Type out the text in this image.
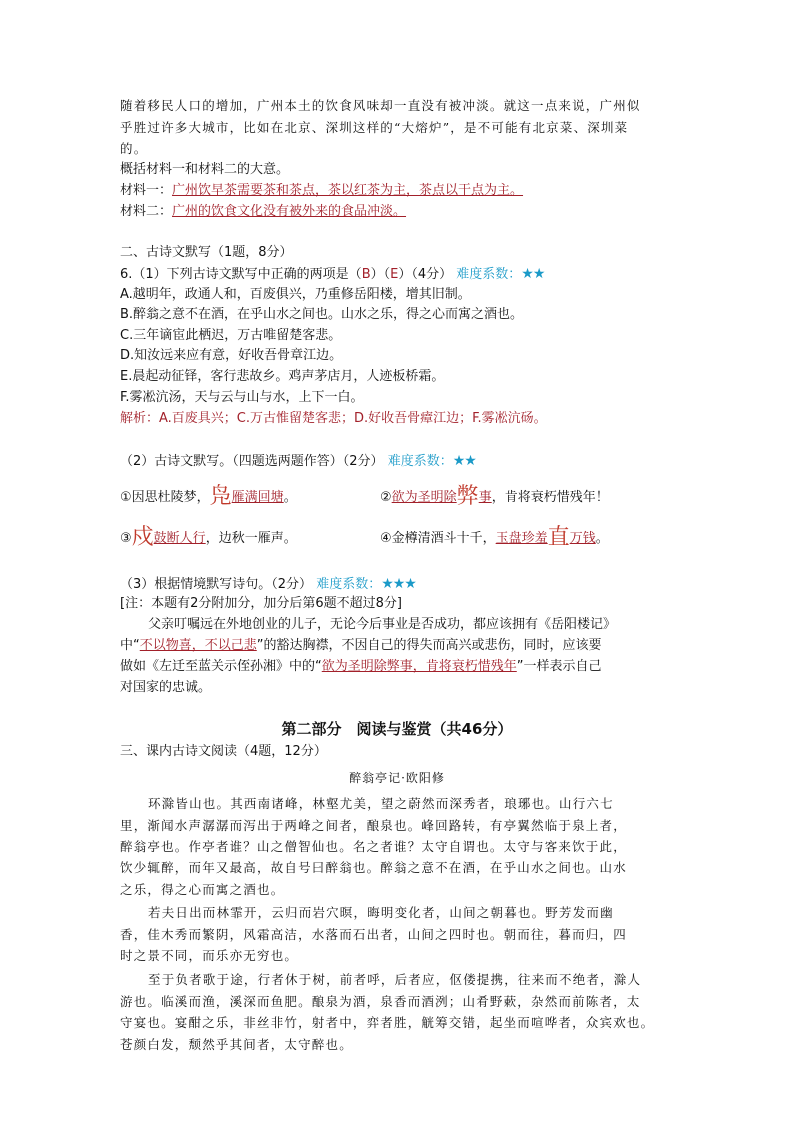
随着移民人口的增加，广州本土的饮食风味却一直没有被冲淡。就这一点来说，广州似
乎胜过许多大城市，比如在北京、深圳这样的“大熔炉”，是不可能有北京菜、深圳菜
的。
概括材料一和材料二的大意。
材料一：广州饮早茶需要茶和茶点，茶以红茶为主，茶点以干点为主。
材料二：广州的饮食文化没有被外来的食品冲淡。
二、古诗文默写（1题，8分）
6.（1）下列古诗文默写中正确的两项是（B）（E）（4分） 难度系数：★★
A.越明年，政通人和，百废俱兴，乃重修岳阳楼，增其旧制。
B.醉翁之意不在酒，在乎山水之间也。山水之乐，得之心而寓之酒也。
C.三年谪宦此栖迟，万古唯留楚客悲。
D.知汝远来应有意，好收吾骨章江边。
E.晨起动征铎，客行悲故乡。鸡声茅店月，人迹板桥霜。
F.雾凇沆汤，天与云与山与水，上下一白。
解析：A.百废具兴；C.万古惟留楚客悲；D.好收吾骨瘴江边；F.雾凇沆砀。
（2）古诗文默写。（四题选两题作答）（2分） 难度系数：★★
①因思杜陵梦，凫雁满回塘。	②欲为圣明除弊事，肯将衰朽惜残年！
③戍鼓断人行，边秋一雁声。	④金樽清酒斗十千，玉盘珍羞直万钱。
（3）根据情境默写诗句。（2分） 难度系数：★★★
[注：本题有2分附加分，加分后第6题不超过8分]
父亲叮嘱远在外地创业的儿子，无论今后事业是否成功，都应该拥有《岳阳楼记》
中“不以物喜，不以己悲”的豁达胸襟，不因自己的得失而高兴或悲伤，同时，应该要
做如《左迁至蓝关示侄孙湘》中的“欲为圣明除弊事，肯将衰朽惜残年”一样表示自己
对国家的忠诚。
第二部分　阅读与鉴赏（共46分）
三、课内古诗文阅读（4题，12分）
醉翁亭记·欧阳修
环滁皆山也。其西南诸峰，林壑尤美，望之蔚然而深秀者，琅琊也。山行六七
里，渐闻水声潺潺而泻出于两峰之间者，酿泉也。峰回路转，有亭翼然临于泉上者，
醉翁亭也。作亭者谁？山之僧智仙也。名之者谁？太守自谓也。太守与客来饮于此，
饮少辄醉，而年又最高，故自号曰醉翁也。醉翁之意不在酒，在乎山水之间也。山水
之乐，得之心而寓之酒也。
若夫日出而林霏开，云归而岩穴暝，晦明变化者，山间之朝暮也。野芳发而幽
香，佳木秀而繁阴，风霜高洁，水落而石出者，山间之四时也。朝而往，暮而归，四
时之景不同，而乐亦无穷也。
至于负者歌于途，行者休于树，前者呼，后者应，伛偻提携，往来而不绝者，滁人
游也。临溪而渔，溪深而鱼肥。酿泉为酒，泉香而酒洌；山肴野蔌，杂然而前陈者，太
守宴也。宴酣之乐，非丝非竹，射者中，弈者胜，觥筹交错，起坐而喧哗者，众宾欢也。
苍颜白发，颓然乎其间者，太守醉也。
